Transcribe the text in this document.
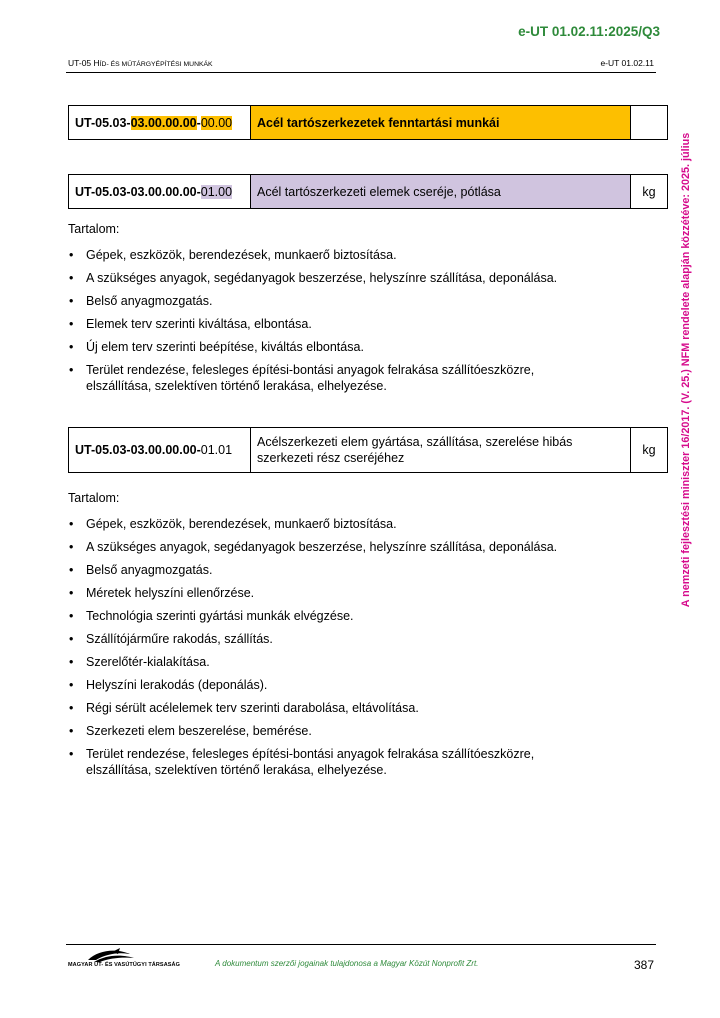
e-UT 01.02.11:2025/Q3
UT-05 HÍD- ÉS MŰTÁRGYÉPÍTÉSI MUNKÁK	e-UT 01.02.11
A nemzeti fejlesztési miniszter 16/2017. (V. 25.) NFM rendelete alapján közzétéve: 2025. július
UT-05.03-03.00.00.00-00.00	Acél tartószerkezetek fenntartási munkái	
UT-05.03-03.00.00.00-01.00	Acél tartószerkezeti elemek cseréje, pótlása	kg
Tartalom:
• Gépek, eszközök, berendezések, munkaerő biztosítása.
• A szükséges anyagok, segédanyagok beszerzése, helyszínre szállítása, deponálása.
• Belső anyagmozgatás.
• Elemek terv szerinti kiváltása, elbontása.
• Új elem terv szerinti beépítése, kiváltás elbontása.
• Terület rendezése, felesleges építési-bontási anyagok felrakása szállítóeszközre, elszállítása, szelektíven történő lerakása, elhelyezése.
UT-05.03-03.00.00.00-01.01	Acélszerkezeti elem gyártása, szállítása, szerelése hibás szerkezeti rész cseréjéhez	kg
Tartalom:
• Gépek, eszközök, berendezések, munkaerő biztosítása.
• A szükséges anyagok, segédanyagok beszerzése, helyszínre szállítása, deponálása.
• Belső anyagmozgatás.
• Méretek helyszíni ellenőrzése.
• Technológia szerinti gyártási munkák elvégzése.
• Szállítójárműre rakodás, szállítás.
• Szerelőtér-kialakítása.
• Helyszíni lerakodás (deponálás).
• Régi sérült acélelemek terv szerinti darabolása, eltávolítása.
• Szerkezeti elem beszerelése, bemérése.
• Terület rendezése, felesleges építési-bontási anyagok felrakása szállítóeszközre, elszállítása, szelektíven történő lerakása, elhelyezése.
MAGYAR ÚT- ÉS VASÚTÜGYI TÁRSASÁG	A dokumentum szerzői jogainak tulajdonosa a Magyar Közút Nonprofit Zrt.	387
